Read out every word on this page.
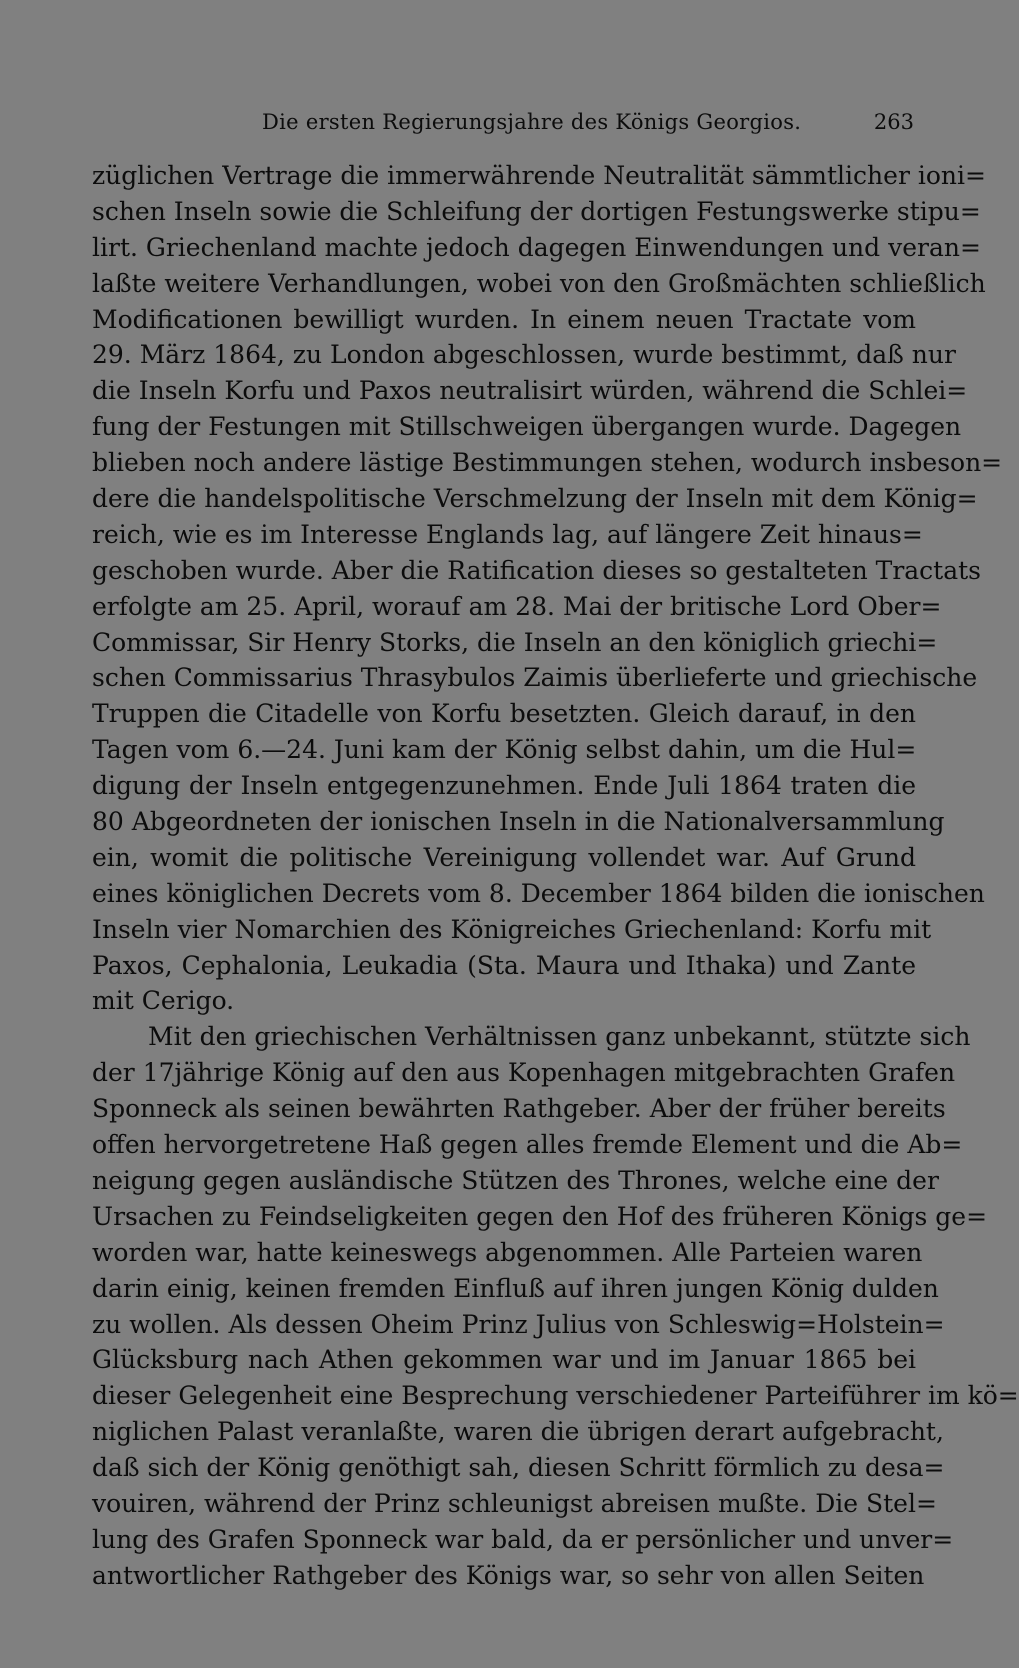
Die ersten Regierungsjahre des Königs Georgios.	263
züglichen Vertrage die immerwährende Neutralität sämmtlicher ioni=
schen Inseln sowie die Schleifung der dortigen Festungswerke stipu=
lirt. Griechenland machte jedoch dagegen Einwendungen und veran=
laßte weitere Verhandlungen, wobei von den Großmächten schließlich
Modificationen bewilligt wurden. In einem neuen Tractate vom
29. März 1864, zu London abgeschlossen, wurde bestimmt, daß nur
die Inseln Korfu und Paxos neutralisirt würden, während die Schlei=
fung der Festungen mit Stillschweigen übergangen wurde. Dagegen
blieben noch andere lästige Bestimmungen stehen, wodurch insbeson=
dere die handelspolitische Verschmelzung der Inseln mit dem König=
reich, wie es im Interesse Englands lag, auf längere Zeit hinaus=
geschoben wurde. Aber die Ratification dieses so gestalteten Tractats
erfolgte am 25. April, worauf am 28. Mai der britische Lord Ober=
Commissar, Sir Henry Storks, die Inseln an den königlich griechi=
schen Commissarius Thrasybulos Zaimis überlieferte und griechische
Truppen die Citadelle von Korfu besetzten. Gleich darauf, in den
Tagen vom 6.—24. Juni kam der König selbst dahin, um die Hul=
digung der Inseln entgegenzunehmen. Ende Juli 1864 traten die
80 Abgeordneten der ionischen Inseln in die Nationalversammlung
ein, womit die politische Vereinigung vollendet war. Auf Grund
eines königlichen Decrets vom 8. December 1864 bilden die ionischen
Inseln vier Nomarchien des Königreiches Griechenland: Korfu mit
Paxos, Cephalonia, Leukadia (Sta. Maura und Ithaka) und Zante
mit Cerigo.
Mit den griechischen Verhältnissen ganz unbekannt, stützte sich
der 17jährige König auf den aus Kopenhagen mitgebrachten Grafen
Sponneck als seinen bewährten Rathgeber. Aber der früher bereits
offen hervorgetretene Haß gegen alles fremde Element und die Ab=
neigung gegen ausländische Stützen des Thrones, welche eine der
Ursachen zu Feindseligkeiten gegen den Hof des früheren Königs ge=
worden war, hatte keineswegs abgenommen. Alle Parteien waren
darin einig, keinen fremden Einfluß auf ihren jungen König dulden
zu wollen. Als dessen Oheim Prinz Julius von Schleswig=Holstein=
Glücksburg nach Athen gekommen war und im Januar 1865 bei
dieser Gelegenheit eine Besprechung verschiedener Parteiführer im kö=
niglichen Palast veranlaßte, waren die übrigen derart aufgebracht,
daß sich der König genöthigt sah, diesen Schritt förmlich zu desa=
vouiren, während der Prinz schleunigst abreisen mußte. Die Stel=
lung des Grafen Sponneck war bald, da er persönlicher und unver=
antwortlicher Rathgeber des Königs war, so sehr von allen Seiten
